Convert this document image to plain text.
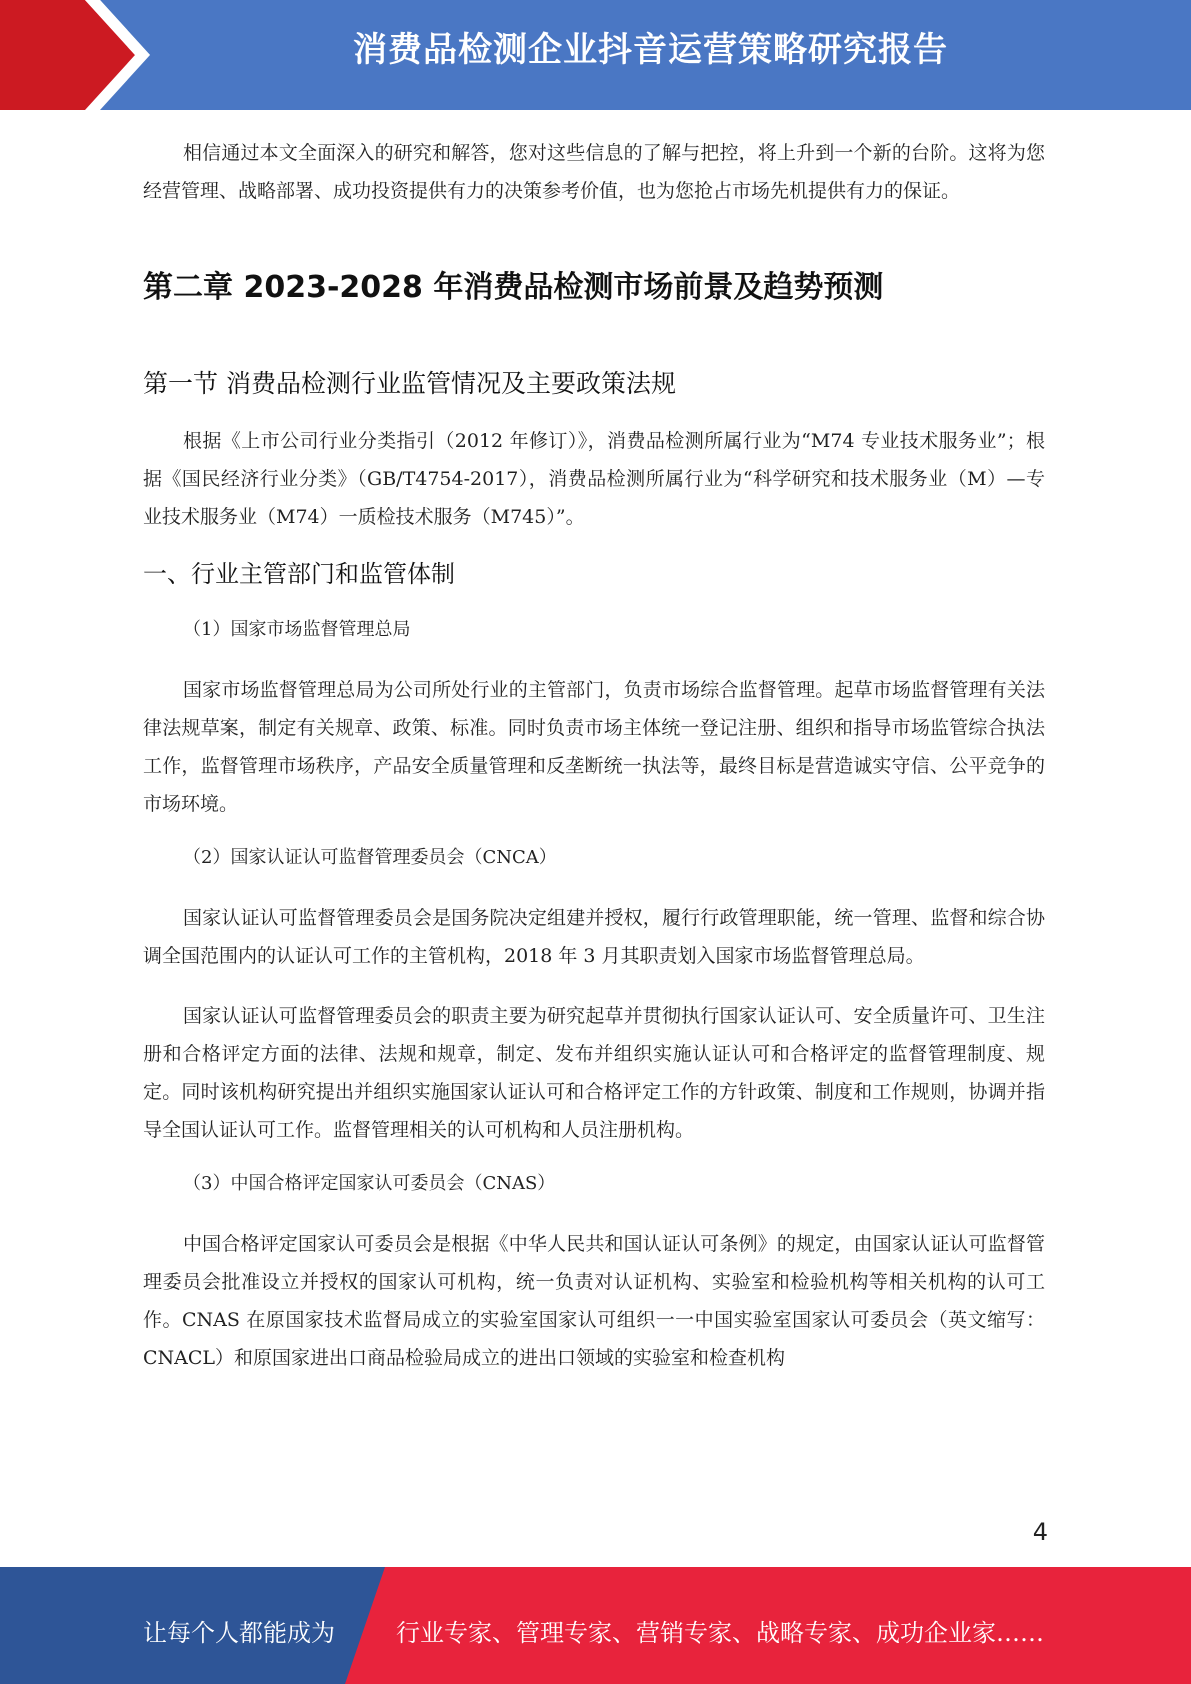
消费品检测企业抖音运营策略研究报告

相信通过本文全面深入的研究和解答，您对这些信息的了解与把控，将上升到一个新的台阶。这将为您经营管理、战略部署、成功投资提供有力的决策参考价值，也为您抢占市场先机提供有力的保证。

第二章 2023-2028 年消费品检测市场前景及趋势预测
第一节 消费品检测行业监管情况及主要政策法规

根据《上市公司行业分类指引（2012 年修订）》，消费品检测所属行业为“M74 专业技术服务业”；根据《国民经济行业分类》（GB/T4754-2017），消费品检测所属行业为“科学研究和技术服务业（M）—专业技术服务业（M74）一质检技术服务（M745）”。

一、行业主管部门和监管体制

（1）国家市场监督管理总局

国家市场监督管理总局为公司所处行业的主管部门，负责市场综合监督管理。起草市场监督管理有关法律法规草案，制定有关规章、政策、标准。同时负责市场主体统一登记注册、组织和指导市场监管综合执法工作，监督管理市场秩序，产品安全质量管理和反垄断统一执法等，最终目标是营造诚实守信、公平竞争的市场环境。

（2）国家认证认可监督管理委员会（CNCA）

国家认证认可监督管理委员会是国务院决定组建并授权，履行行政管理职能，统一管理、监督和综合协调全国范围内的认证认可工作的主管机构，2018 年 3 月其职责划入国家市场监督管理总局。

国家认证认可监督管理委员会的职责主要为研究起草并贯彻执行国家认证认可、安全质量许可、卫生注册和合格评定方面的法律、法规和规章，制定、发布并组织实施认证认可和合格评定的监督管理制度、规定。同时该机构研究提出并组织实施国家认证认可和合格评定工作的方针政策、制度和工作规则，协调并指导全国认证认可工作。监督管理相关的认可机构和人员注册机构。

（3）中国合格评定国家认可委员会（CNAS）

中国合格评定国家认可委员会是根据《中华人民共和国认证认可条例》的规定，由国家认证认可监督管理委员会批准设立并授权的国家认可机构，统一负责对认证机构、实验室和检验机构等相关机构的认可工作。CNAS 在原国家技术监督局成立的实验室国家认可组织一一中国实验室国家认可委员会（英文缩写：CNACL）和原国家进出口商品检验局成立的进出口领域的实验室和检查机构

4
让每个人都能成为	行业专家、管理专家、营销专家、战略专家、成功企业家……
